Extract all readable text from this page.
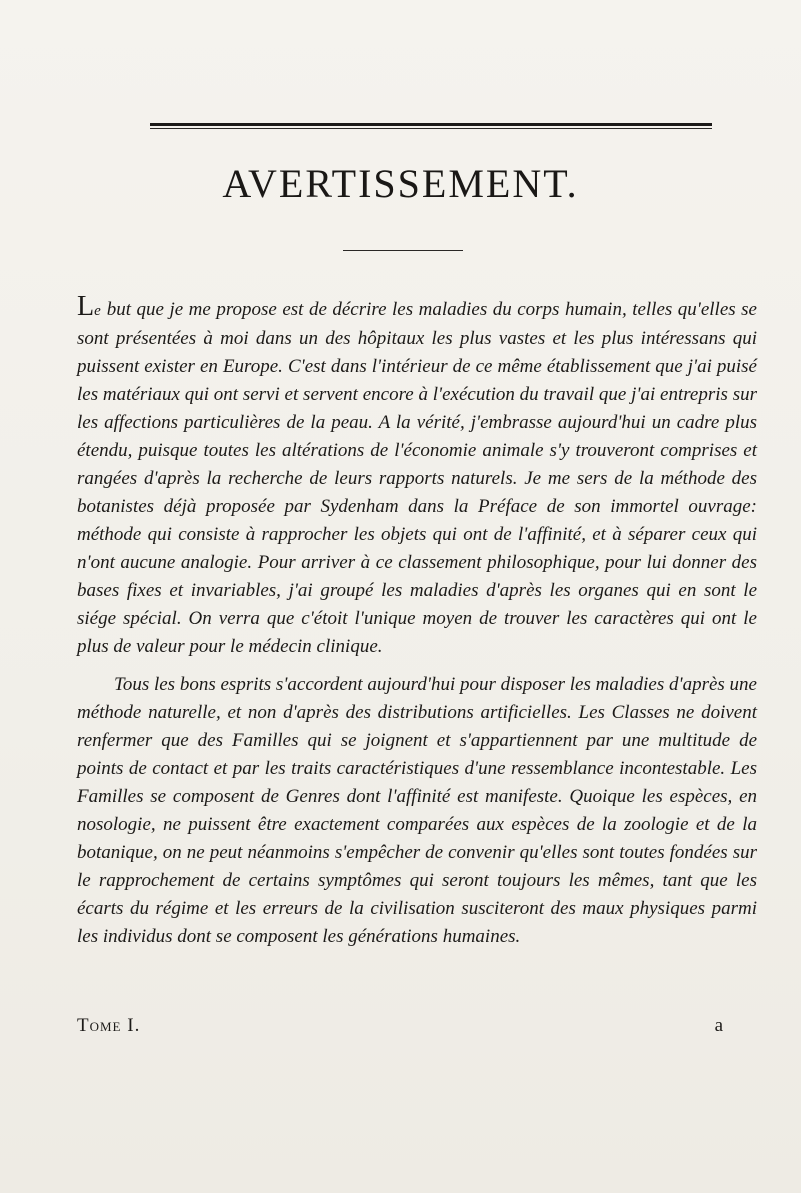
AVERTISSEMENT.

Le but que je me propose est de décrire les maladies du corps humain, telles qu'elles se sont présentées à moi dans un des hôpitaux les plus vastes et les plus intéressans qui puissent exister en Europe. C'est dans l'intérieur de ce même établissement que j'ai puisé les matériaux qui ont servi et servent encore à l'exécution du travail que j'ai entrepris sur les affections particulières de la peau. A la vérité, j'embrasse aujourd'hui un cadre plus étendu, puisque toutes les altérations de l'économie animale s'y trouveront comprises et rangées d'après la recherche de leurs rapports naturels. Je me sers de la méthode des botanistes déjà proposée par Sydenham dans la Préface de son immortel ouvrage: méthode qui consiste à rapprocher les objets qui ont de l'affinité, et à séparer ceux qui n'ont aucune analogie. Pour arriver à ce classement philosophique, pour lui donner des bases fixes et invariables, j'ai groupé les maladies d'après les organes qui en sont le siége spécial. On verra que c'étoit l'unique moyen de trouver les caractères qui ont le plus de valeur pour le médecin clinique.

Tous les bons esprits s'accordent aujourd'hui pour disposer les maladies d'après une méthode naturelle, et non d'après des distributions artificielles. Les Classes ne doivent renfermer que des Familles qui se joignent et s'appartiennent par une multitude de points de contact et par les traits caractéristiques d'une ressemblance incontestable. Les Familles se composent de Genres dont l'affinité est manifeste. Quoique les espèces, en nosologie, ne puissent être exactement comparées aux espèces de la zoologie et de la botanique, on ne peut néanmoins s'empêcher de convenir qu'elles sont toutes fondées sur le rapprochement de certains symptômes qui seront toujours les mêmes, tant que les écarts du régime et les erreurs de la civilisation susciteront des maux physiques parmi les individus dont se composent les générations humaines.

Tome I.	a
